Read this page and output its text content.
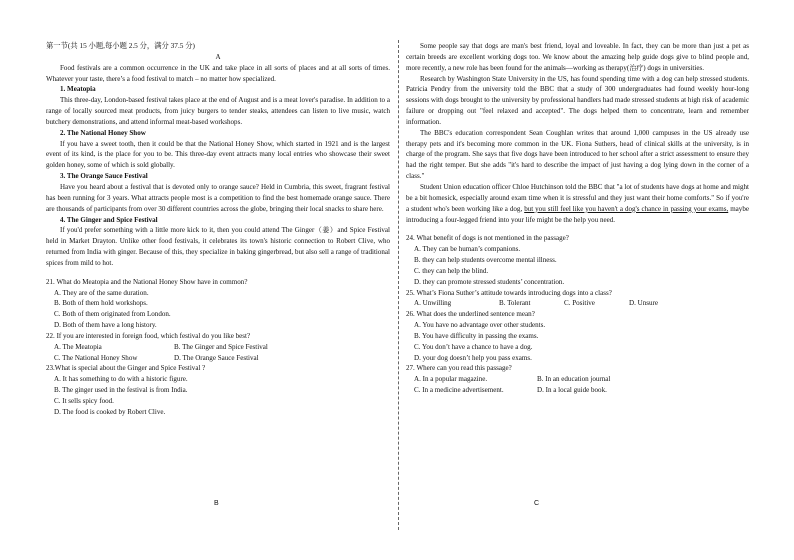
第一节(共 15 小题,每小题 2.5 分，满分 37.5 分)

A

Food festivals are a common occurrence in the UK and take place in all sorts of places and at all sorts of times. Whatever your taste, there’s a food festival to match – no matter how specialized.

1. Meatopia

This three-day, London-based festival takes place at the end of August and is a meat lover's paradise. In addition to a range of locally sourced meat products, from juicy burgers to tender steaks, attendees can listen to live music, watch butchery demonstrations, and attend informal meat-based workshops.

2. The National Honey Show

If you have a sweet tooth, then it could be that the National Honey Show, which started in 1921 and is the largest event of its kind, is the place for you to be. This three-day event attracts many local entries who showcase their sweet golden honey, some of which is sold globally.

3. The Orange Sauce Festival

Have you heard about a festival that is devoted only to orange sauce? Held in Cumbria, this sweet, fragrant festival has been running for 3 years. What attracts people most is a competition to find the best homemade orange sauce. There are thousands of participants from over 30 different countries across the globe, bringing their local snacks to share here.

4. The Ginger and Spice Festival

If you'd prefer something with a little more kick to it, then you could attend The Ginger（姜）and Spice Festival held in Market Drayton. Unlike other food festivals, it celebrates its town's historic connection to Robert Clive, who returned from India with ginger. Because of this, they specialize in baking gingerbread, but also sell a range of traditional spices from mild to hot.

21. What do Meatopia and the National Honey Show have in common?

A. They are of the same duration.

B. Both of them hold workshops.

C. Both of them originated from London.

D. Both of them have a long history.

22. If you are interested in foreign food, which festival do you like best?

A. The Meatopia	B. The Ginger and Spice Festival
C. The National Honey Show	D. The Orange Sauce Festival

23.What is special about the Ginger and Spice Festival ?

A. It has something to do with a historic figure.

B. The ginger used in the festival is from India.

C. It sells spicy food.

D. The food is cooked by Robert Clive.

Some people say that dogs are man's best friend, loyal and loveable. In fact, they can be more than just a pet as certain breeds are excellent working dogs too. We know about the amazing help guide dogs give to blind people and, more recently, a new role has been found for the animals—working as therapy(治疗) dogs in universities.

Research by Washington State University in the US, has found spending time with a dog can help stressed students. Patricia Pendry from the university told the BBC that a study of 300 undergraduates had found weekly hour-long sessions with dogs brought to the university by professional handlers had made stressed students at high risk of academic failure or dropping out "feel relaxed and accepted". The dogs helped them to concentrate, learn and remember information.

The BBC's education correspondent Sean Coughlan writes that around 1,000 campuses in the US already use therapy pets and it's becoming more common in the UK. Fiona Suthers, head of clinical skills at the university, is in charge of the program. She says that five dogs have been introduced to her school after a strict assessment to ensure they had the right temper. But she adds "it's hard to describe the impact of just having a dog lying down in the corner of a class."

Student Union education officer Chloe Hutchinson told the BBC that "a lot of students have dogs at home and might be a bit homesick, especially around exam time when it is stressful and they just want their home comforts." So if you're a student who's been working like a dog, but you still feel like you haven't a dog's chance in passing your exams, maybe introducing a four-legged friend into your life might be the help you need.

24. What benefit of dogs is not mentioned in the passage?

A. They can be human’s companions.

B. they can help students overcome mental illness.

C. they can help the blind.

D. they can promote stressed students’ concentration.

25. What’s Fiona Suther’s attitude towards introducing dogs into a class?

A. Unwilling	B. Tolerant	C. Positive	D. Unsure

26. What does the underlined sentence mean?

A. You have no advantage over other students.

B. You have difficulty in passing the exams.

C. You don’t have a chance to have a dog.

D. your dog doesn’t help you pass exams.

27. Where can you read this passage?

A. In a popular magazine.	B. In an education journal
C. In a medicine advertisement.	D. In a local guide book.
B	C
